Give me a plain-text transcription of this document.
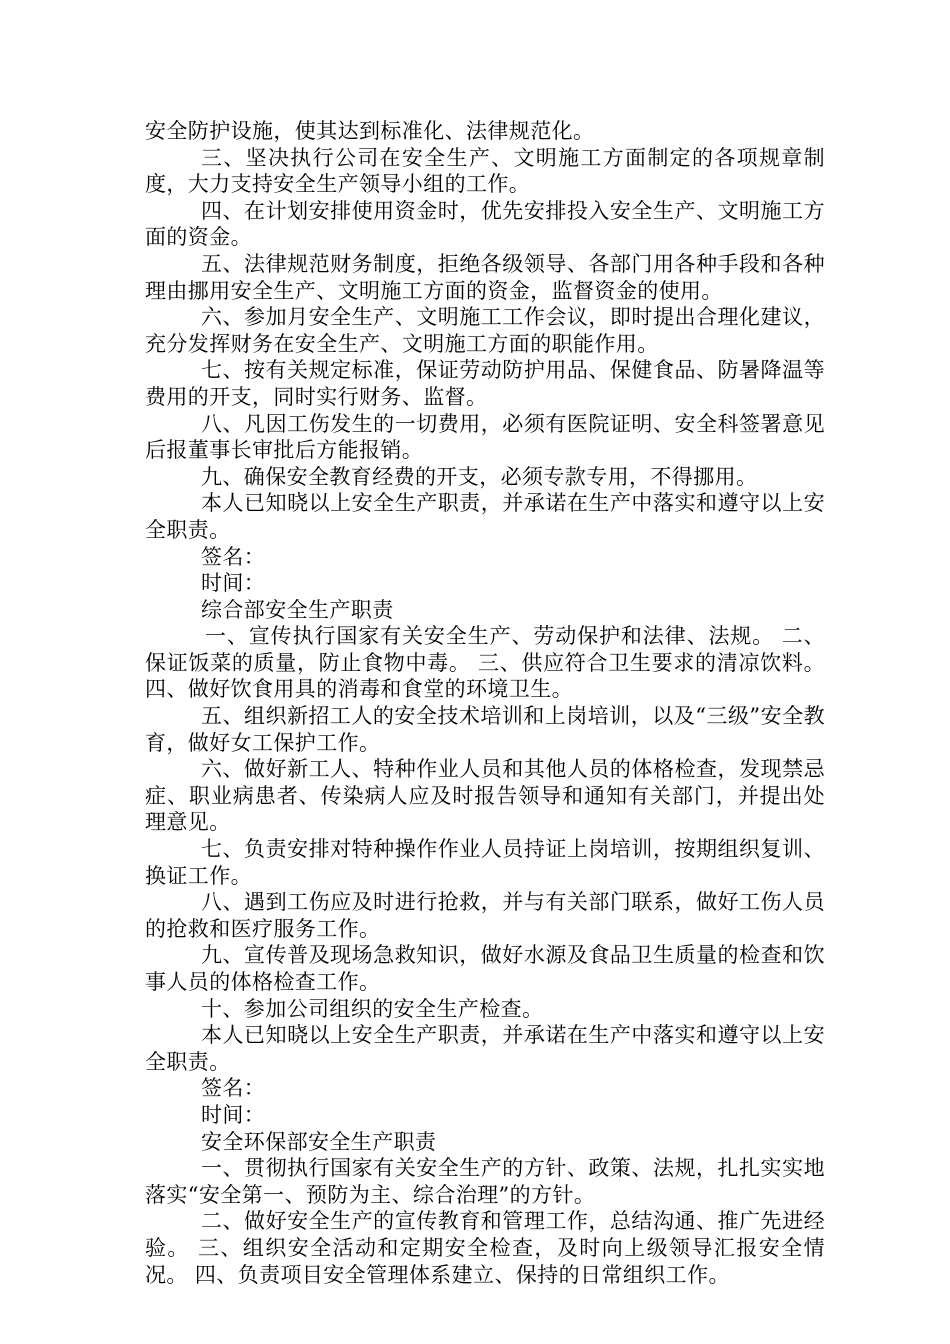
安全防护设施，使其达到标准化、法律规范化。

三、坚决执行公司在安全生产、文明施工方面制定的各项规章制度，大力支持安全生产领导小组的工作。

四、在计划安排使用资金时，优先安排投入安全生产、文明施工方面的资金。

五、法律规范财务制度，拒绝各级领导、各部门用各种手段和各种理由挪用安全生产、文明施工方面的资金，监督资金的使用。

六、参加月安全生产、文明施工工作会议，即时提出合理化建议，充分发挥财务在安全生产、文明施工方面的职能作用。

七、按有关规定标准，保证劳动防护用品、保健食品、防暑降温等费用的开支，同时实行财务、监督。

八、凡因工伤发生的一切费用，必须有医院证明、安全科签署意见后报董事长审批后方能报销。

九、确保安全教育经费的开支，必须专款专用，不得挪用。

本人已知晓以上安全生产职责，并承诺在生产中落实和遵守以上安全职责。

签名：

时间：

综合部安全生产职责

一、宣传执行国家有关安全生产、劳动保护和法律、法规。 二、保证饭菜的质量，防止食物中毒。 三、供应符合卫生要求的清凉饮料。 四、做好饮食用具的消毒和食堂的环境卫生。

五、组织新招工人的安全技术培训和上岗培训，以及“三级”安全教育，做好女工保护工作。

六、做好新工人、特种作业人员和其他人员的体格检查，发现禁忌症、职业病患者、传染病人应及时报告领导和通知有关部门，并提出处理意见。

七、负责安排对特种操作作业人员持证上岗培训，按期组织复训、换证工作。

八、遇到工伤应及时进行抢救，并与有关部门联系，做好工伤人员的抢救和医疗服务工作。

九、宣传普及现场急救知识，做好水源及食品卫生质量的检查和饮事人员的体格检查工作。

十、参加公司组织的安全生产检查。

本人已知晓以上安全生产职责，并承诺在生产中落实和遵守以上安全职责。

签名：

时间：

安全环保部安全生产职责

一、贯彻执行国家有关安全生产的方针、政策、法规，扎扎实实地落实“安全第一、预防为主、综合治理”的方针。

二、做好安全生产的宣传教育和管理工作，总结沟通、推广先进经验。 三、组织安全活动和定期安全检查，及时向上级领导汇报安全情况。 四、负责项目安全管理体系建立、保持的日常组织工作。
